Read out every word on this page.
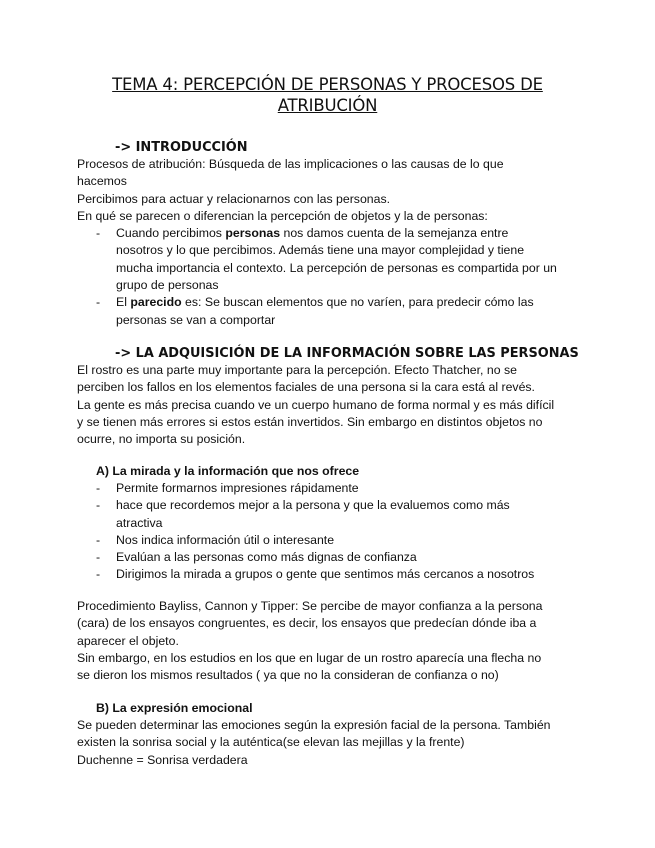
TEMA 4: PERCEPCIÓN DE PERSONAS Y PROCESOS DE
ATRIBUCIÓN
-> INTRODUCCIÓN
Procesos de atribución: Búsqueda de las implicaciones o las causas de lo que
hacemos
Percibimos para actuar y relacionarnos con las personas.
En qué se parecen o diferencian la percepción de objetos y la de personas:
- Cuando percibimos personas nos damos cuenta de la semejanza entre
nosotros y lo que percibimos. Además tiene una mayor complejidad y tiene
mucha importancia el contexto. La percepción de personas es compartida por un
grupo de personas
- El parecido es: Se buscan elementos que no varíen, para predecir cómo las
personas se van a comportar
-> LA ADQUISICIÓN DE LA INFORMACIÓN SOBRE LAS PERSONAS
El rostro es una parte muy importante para la percepción. Efecto Thatcher, no se
perciben los fallos en los elementos faciales de una persona si la cara está al revés.
La gente es más precisa cuando ve un cuerpo humano de forma normal y es más difícil
y se tienen más errores si estos están invertidos. Sin embargo en distintos objetos no
ocurre, no importa su posición.
A) La mirada y la información que nos ofrece
- Permite formarnos impresiones rápidamente
- hace que recordemos mejor a la persona y que la evaluemos como más
atractiva
- Nos indica información útil o interesante
- Evalúan a las personas como más dignas de confianza
- Dirigimos la mirada a grupos o gente que sentimos más cercanos a nosotros
Procedimiento Bayliss, Cannon y Tipper: Se percibe de mayor confianza a la persona
(cara) de los ensayos congruentes, es decir, los ensayos que predecían dónde iba a
aparecer el objeto.
Sin embargo, en los estudios en los que en lugar de un rostro aparecía una flecha no
se dieron los mismos resultados ( ya que no la consideran de confianza o no)
B) La expresión emocional
Se pueden determinar las emociones según la expresión facial de la persona. También
existen la sonrisa social y la auténtica(se elevan las mejillas y la frente)
Duchenne = Sonrisa verdadera
